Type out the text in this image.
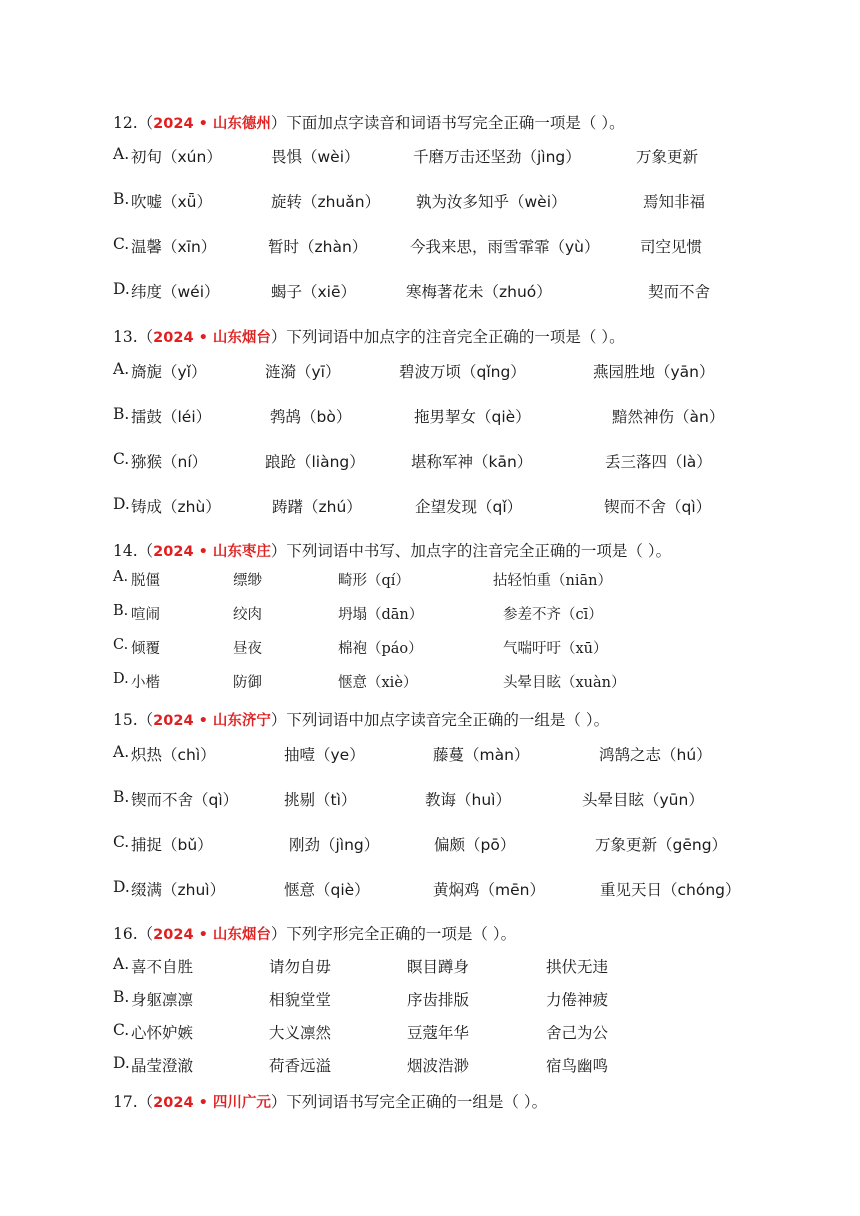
12.（2024 • 山东德州）下面加点字读音和词语书写完全正确一项是（ ）。
A. 初旬（xún）	畏惧（wèi）	千磨万击还坚劲（jìng）	万象更新
B. 吹嘘（xǖ）	旋转（zhuǎn） 孰为汝多知乎（wèi）	焉知非福
C. 温馨（xīn）	暂时（zhàn）	今我来思，雨雪霏霏（yù）	司空见惯
D. 纬度（wéi）	蝎子（xiē）	寒梅著花未（zhuó）	契而不舍
13.（2024 • 山东烟台）下列词语中加点字的注音完全正确的一项是（ ）。
A. 旖旎（yǐ）	涟漪（yī）	碧波万顷（qǐng）	燕园胜地（yān）
B. 擂鼓（léi）	鹁鸪（bò）	拖男挈女（qiè）	黯然神伤（àn）
C. 猕猴（ní）	踉跄（liàng）	堪称军神（kān）	丢三落四（là）
D. 铸成（zhù）	踌躇（zhú）	企望发现（qǐ）	锲而不舍（qì）
14.（2024 • 山东枣庄）下列词语中书写、加点字的注音完全正确的一项是（ ）。
A. 脱僵	缥缈	畸形（qí）	拈轻怕重（niān）
B. 喧闹	绞肉	坍塌（dān）	参差不齐（cī）
C. 倾覆	昼夜	棉袍（páo）	气喘吁吁（xū）
D. 小楷	防御	惬意（xiè）	头晕目眩（xuàn）
15.（2024 • 山东济宁）下列词语中加点字读音完全正确的一组是（ ）。
A. 炽热（chì）	抽噎（ye）	藤蔓（màn）	鸿鹄之志（hú）
B. 锲而不舍（qì）	挑剔（tì）	教诲（huì）	头晕目眩（yūn）
C. 捕捉（bǔ）	刚劲（jìng）	偏颇（pō）	万象更新（gēng）
D. 缀满（zhuì）	惬意（qiè）	黄焖鸡（mēn）	重见天日（chóng）
16.（2024 • 山东烟台）下列字形完全正确的一项是（ ）。
A. 喜不自胜	请勿自毋	瞑目蹲身	拱伏无违
B. 身躯凛凛	相貌堂堂	序齿排版	力倦神疲
C. 心怀妒嫉	大义凛然	豆蔻年华	舍己为公
D. 晶莹澄澈	荷香远溢	烟波浩渺	宿鸟幽鸣
17.（2024 • 四川广元）下列词语书写完全正确的一组是（ ）。
